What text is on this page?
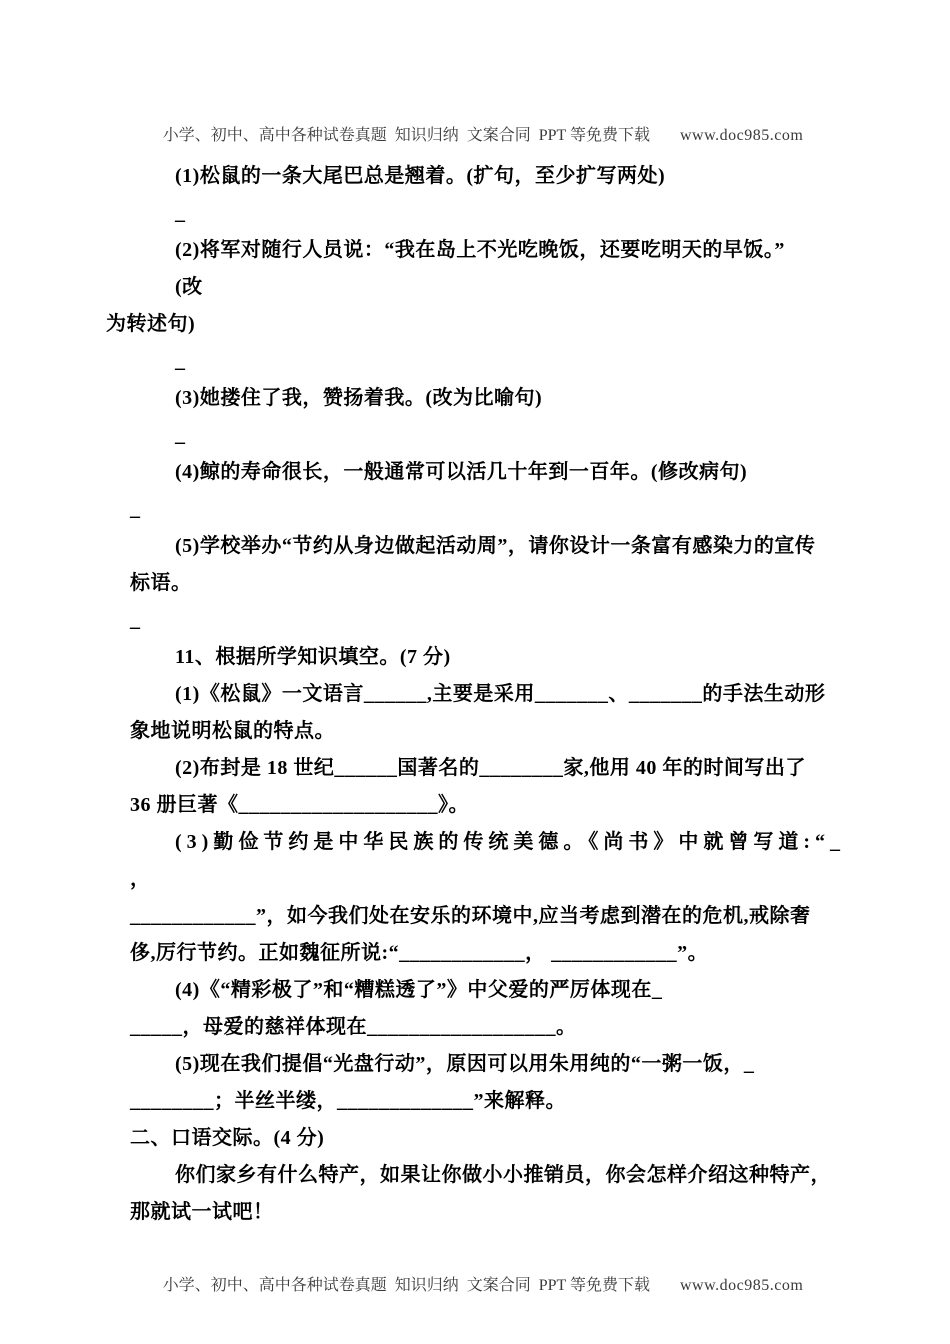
小学、初中、高中各种试卷真题  知识归纳  文案合同  PPT 等免费下载 www.doc985.com

(1)松鼠的一条大尾巴总是翘着。(扩句，至少扩写两处)
_
(2)将军对随行人员说：“我在岛上不光吃晚饭，还要吃明天的早饭。”
(改
为转述句)
_
(3)她搂住了我，赞扬着我。(改为比喻句)
_
(4)鲸的寿命很长，一般通常可以活几十年到一百年。(修改病句)
_
(5)学校举办“节约从身边做起活动周”，请你设计一条富有感染力的宣传
标语。
_
11、根据所学知识填空。(7 分)
(1)《松鼠》一文语言______,主要是采用_______、_______的手法生动形
象地说明松鼠的特点。
(2)布封是 18 世纪______国著名的________家,他用 40 年的时间写出了
36 册巨著《___________________》。
(3)勤俭节约是中华民族的传统美德。《尚书》中就曾写道:“_
，
____________”，如今我们处在安乐的环境中,应当考虑到潜在的危机,戒除奢
侈,厉行节约。正如魏征所说:“____________， ____________”。
(4)《“精彩极了”和“糟糕透了”》中父爱的严厉体现在_
_____，母爱的慈祥体现在__________________。
(5)现在我们提倡“光盘行动”，原因可以用朱用纯的“一粥一饭，_
________；半丝半缕，_____________”来解释。
二、口语交际。(4 分)
你们家乡有什么特产，如果让你做小小推销员，你会怎样介绍这种特产，
那就试一试吧！

小学、初中、高中各种试卷真题  知识归纳  文案合同  PPT 等免费下载 www.doc985.com
